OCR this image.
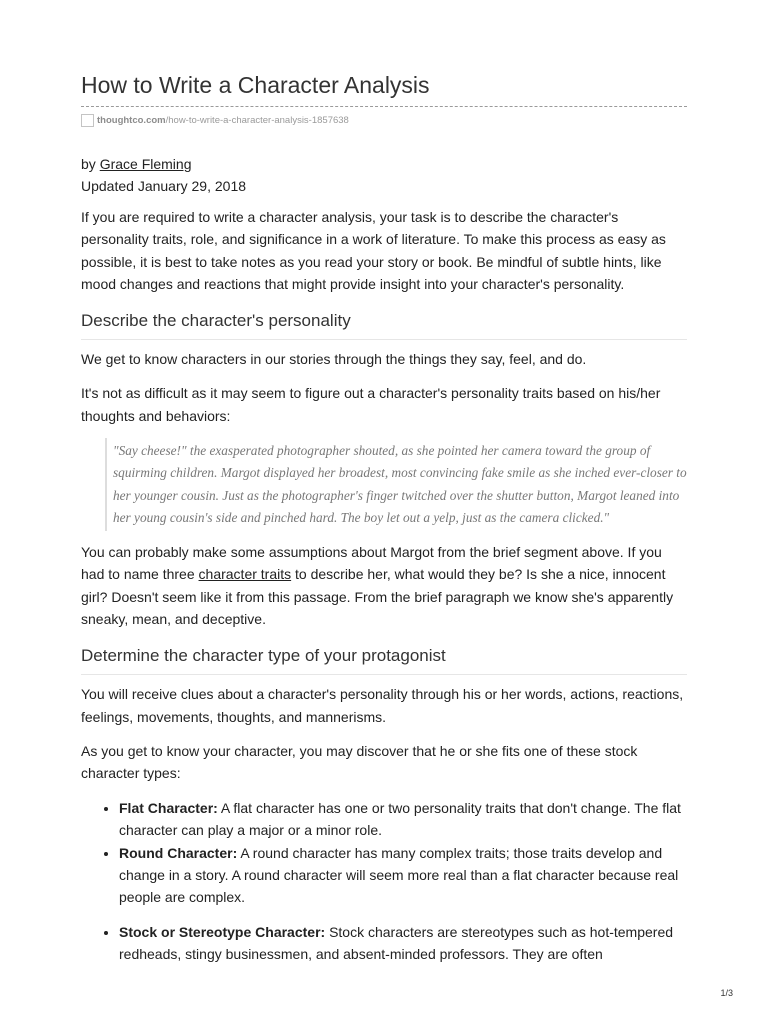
How to Write a Character Analysis
thoughtco.com/how-to-write-a-character-analysis-1857638
by Grace Fleming
Updated January 29, 2018

If you are required to write a character analysis, your task is to describe the character's personality traits, role, and significance in a work of literature. To make this process as easy as possible, it is best to take notes as you read your story or book. Be mindful of subtle hints, like mood changes and reactions that might provide insight into your character's personality.

Describe the character's personality

We get to know characters in our stories through the things they say, feel, and do.

It's not as difficult as it may seem to figure out a character's personality traits based on his/her thoughts and behaviors:

"Say cheese!" the exasperated photographer shouted, as she pointed her camera toward the group of squirming children. Margot displayed her broadest, most convincing fake smile as she inched ever-closer to her younger cousin. Just as the photographer's finger twitched over the shutter button, Margot leaned into her young cousin's side and pinched hard. The boy let out a yelp, just as the camera clicked."

You can probably make some assumptions about Margot from the brief segment above. If you had to name three character traits to describe her, what would they be? Is she a nice, innocent girl? Doesn't seem like it from this passage. From the brief paragraph we know she's apparently sneaky, mean, and deceptive.

Determine the character type of your protagonist

You will receive clues about a character's personality through his or her words, actions, reactions, feelings, movements, thoughts, and mannerisms.

As you get to know your character, you may discover that he or she fits one of these stock character types:

• Flat Character: A flat character has one or two personality traits that don't change. The flat character can play a major or a minor role.
• Round Character: A round character has many complex traits; those traits develop and change in a story. A round character will seem more real than a flat character because real people are complex.
• Stock or Stereotype Character: Stock characters are stereotypes such as hot-tempered redheads, stingy businessmen, and absent-minded professors. They are often
1/3
